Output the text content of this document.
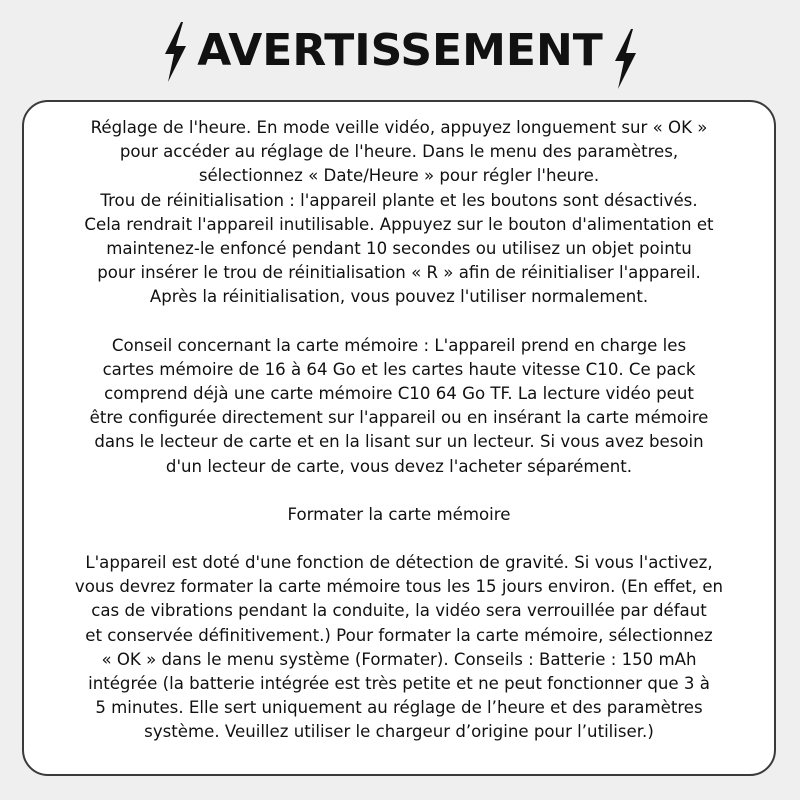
AVERTISSEMENT

Réglage de l'heure. En mode veille vidéo, appuyez longuement sur « OK »
pour accéder au réglage de l'heure. Dans le menu des paramètres,
sélectionnez « Date/Heure » pour régler l'heure.
Trou de réinitialisation : l'appareil plante et les boutons sont désactivés.
Cela rendrait l'appareil inutilisable. Appuyez sur le bouton d'alimentation et
maintenez-le enfoncé pendant 10 secondes ou utilisez un objet pointu
pour insérer le trou de réinitialisation « R » afin de réinitialiser l'appareil.
Après la réinitialisation, vous pouvez l'utiliser normalement.

Conseil concernant la carte mémoire : L'appareil prend en charge les
cartes mémoire de 16 à 64 Go et les cartes haute vitesse C10. Ce pack
comprend déjà une carte mémoire C10 64 Go TF. La lecture vidéo peut
être configurée directement sur l'appareil ou en insérant la carte mémoire
dans le lecteur de carte et en la lisant sur un lecteur. Si vous avez besoin
d'un lecteur de carte, vous devez l'acheter séparément.

Formater la carte mémoire

L'appareil est doté d'une fonction de détection de gravité. Si vous l'activez,
vous devrez formater la carte mémoire tous les 15 jours environ. (En effet, en
cas de vibrations pendant la conduite, la vidéo sera verrouillée par défaut
et conservée définitivement.) Pour formater la carte mémoire, sélectionnez
« OK » dans le menu système (Formater). Conseils : Batterie : 150 mAh
intégrée (la batterie intégrée est très petite et ne peut fonctionner que 3 à
5 minutes. Elle sert uniquement au réglage de l’heure et des paramètres
système. Veuillez utiliser le chargeur d’origine pour l’utiliser.)
